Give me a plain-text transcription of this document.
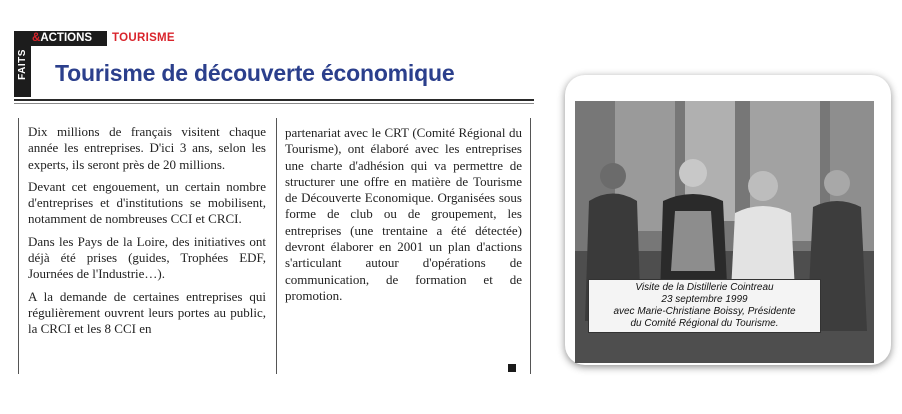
FAITS
&ACTIONS	TOURISME
Tourisme de découverte économique

Dix millions de français visitent chaque année les entreprises. D'ici 3 ans, selon les experts, ils seront près de 20 millions.

Devant cet engouement, un certain nombre d'entreprises et d'institutions se mobilisent, notamment de nombreuses CCI et CRCI.

Dans les Pays de la Loire, des initiatives ont déjà été prises (guides, Trophées EDF, Journées de l'Industrie…).

A la demande de certaines entreprises qui régulièrement ouvrent leurs portes au public, la CRCI et les 8 CCI en

partenariat avec le CRT (Comité Régional du Tourisme), ont élaboré avec les entreprises une charte d'adhésion qui va permettre de structurer une offre en matière de Tourisme de Découverte Economique. Organisées sous forme de club ou de groupement, les entreprises (une trentaine a été détectée) devront élaborer en 2001 un plan d'actions s'articulant autour d'opérations de communication, de formation et de promotion.

Visite de la Distillerie Cointreau
23 septembre 1999
avec Marie-Christiane Boissy, Présidente
du Comité Régional du Tourisme.
